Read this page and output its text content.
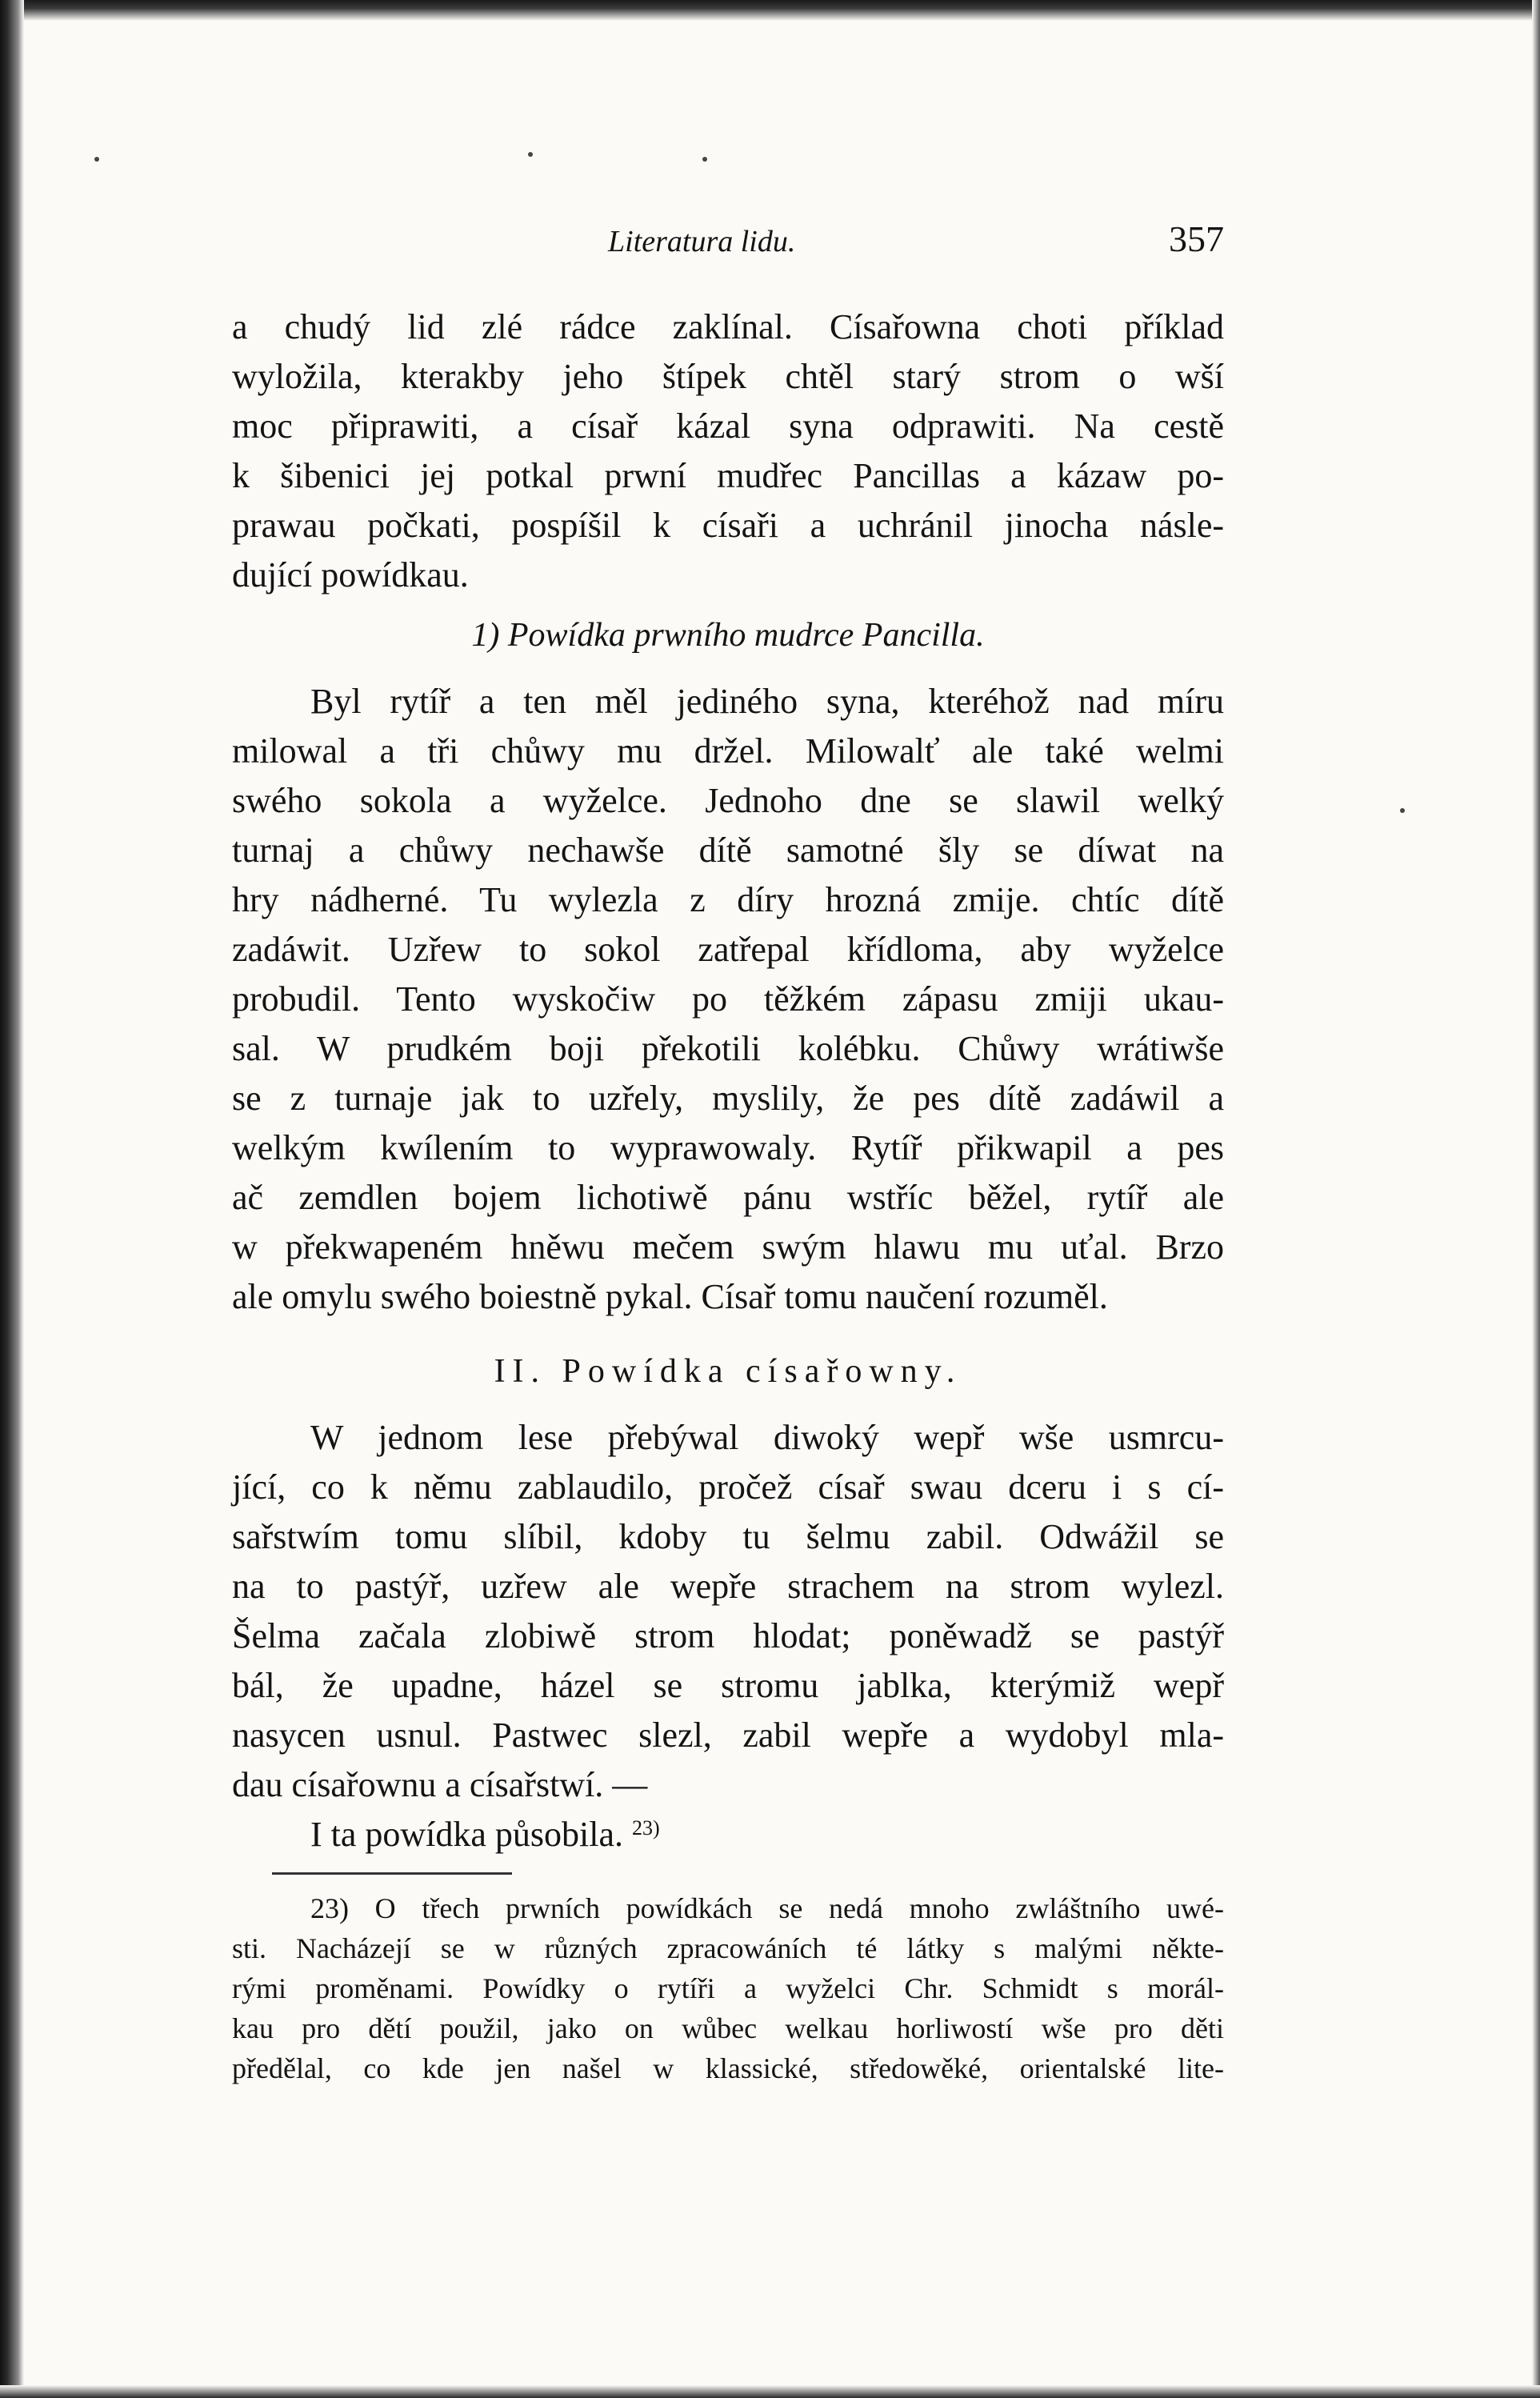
Literatura lidu.	357
a chudý lid zlé rádce zaklínal. Císařowna choti příklad
wyložila, kterakby jeho štípek chtěl starý strom o wší
moc připrawiti, a císař kázal syna odprawiti. Na cestě
k šibenici jej potkal prwní mudřec Pancillas a kázaw po-
prawau počkati, pospíšil k císaři a uchránil jinocha násle-
dující powídkau.
1) Powídka prwního mudrce Pancilla.
Byl rytíř a ten měl jediného syna, kteréhož nad míru
milowal a tři chůwy mu držel. Milowalť ale také welmi
swého sokola a wyželce. Jednoho dne se slawil welký
turnaj a chůwy nechawše dítě samotné šly se díwat na
hry nádherné. Tu wylezla z díry hrozná zmije. chtíc dítě
zadáwit. Uzřew to sokol zatřepal křídloma, aby wyželce
probudil. Tento wyskočiw po těžkém zápasu zmiji ukau-
sal. W prudkém boji překotili kolébku. Chůwy wrátiwše
se z turnaje jak to uzřely, myslily, že pes dítě zadáwil a
welkým kwílením to wyprawowaly. Rytíř přikwapil a pes
ač zemdlen bojem lichotiwě pánu wstříc běžel, rytíř ale
w překwapeném hněwu mečem swým hlawu mu uťal. Brzo
ale omylu swého boiestně pykal. Císař tomu naučení rozuměl.
II. Powídka císařowny.
W jednom lese přebýwal diwoký wepř wše usmrcu-
jící, co k němu zablaudilo, pročež císař swau dceru i s cí-
sařstwím tomu slíbil, kdoby tu šelmu zabil. Odwážil se
na to pastýř, uzřew ale wepře strachem na strom wylezl.
Šelma začala zlobiwě strom hlodat; poněwadž se pastýř
bál, že upadne, házel se stromu jablka, kterýmiž wepř
nasycen usnul. Pastwec slezl, zabil wepře a wydobyl mla-
dau císařownu a císařstwí. —
I ta powídka působila. $^{23)}$
23) O třech prwních powídkách se nedá mnoho zwláštního uwé-
sti. Nacházejí se w různých zpracowáních té látky s malými někte-
rými proměnami. Powídky o rytíři a wyželci Chr. Schmidt s morál-
kau pro dětí použil, jako on wůbec welkau horliwostí wše pro děti
předělal, co kde jen našel w klassické, středowěké, orientalské lite-
